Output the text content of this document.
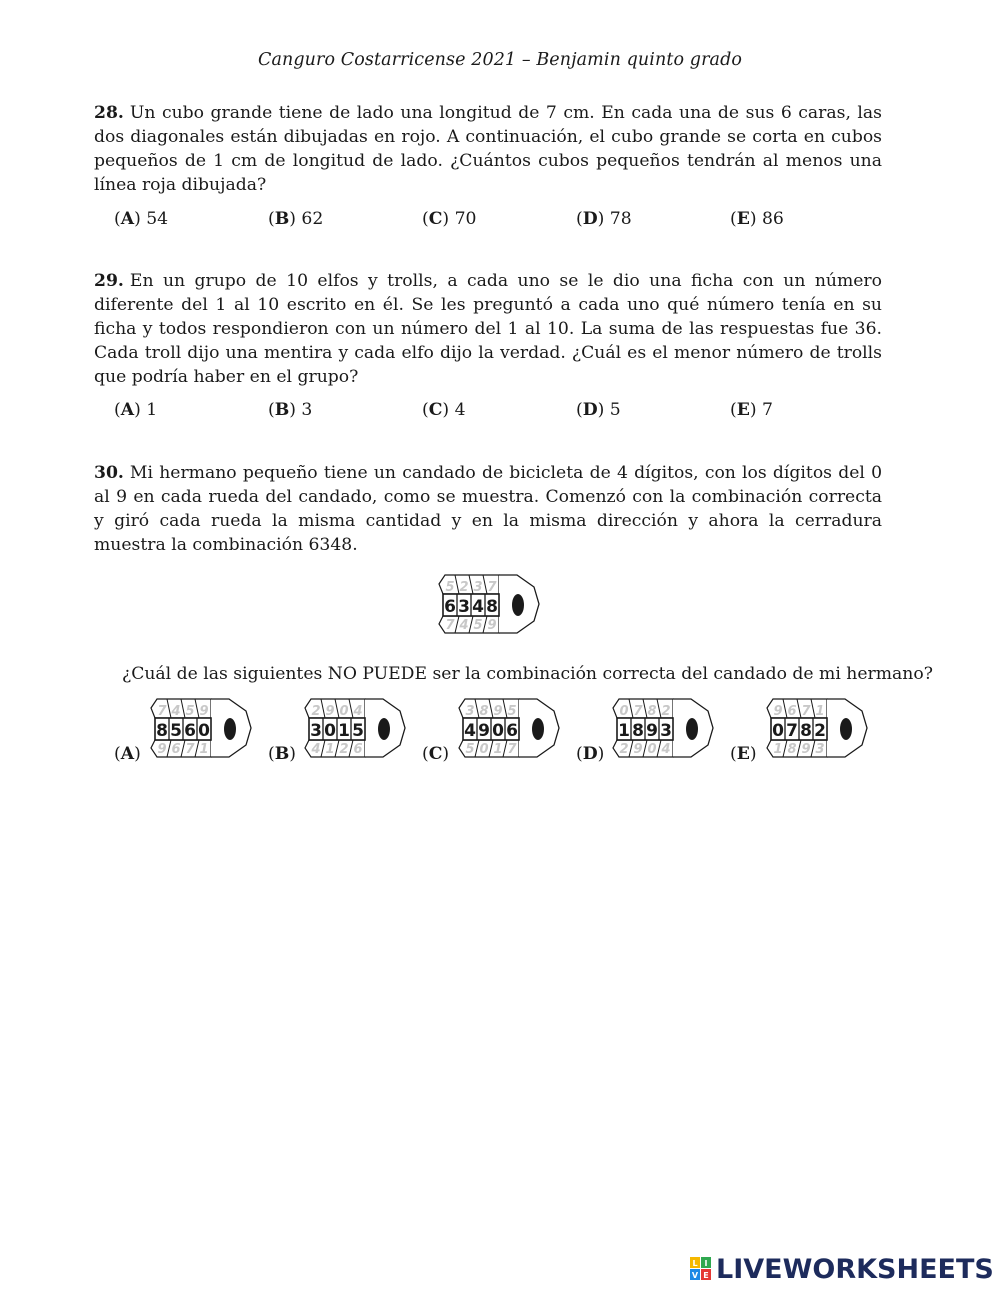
Canguro Costarricense 2021 – Benjamin quinto grado
28. Un cubo grande tiene de lado una longitud de 7 cm. En cada una de sus 6 caras, las dos diagonales están dibujadas en rojo. A continuación, el cubo grande se corta en cubos pequeños de 1 cm de longitud de lado. ¿Cuántos cubos pequeños tendrán al menos una línea roja dibujada?
(A) 54	(B) 62	(C) 70	(D) 78	(E) 86
29. En un grupo de 10 elfos y trolls, a cada uno se le dio una ficha con un número diferente del 1 al 10 escrito en él. Se les preguntó a cada uno qué número tenía en su ficha y todos respondieron con un número del 1 al 10. La suma de las respuestas fue 36. Cada troll dijo una mentira y cada elfo dijo la verdad. ¿Cuál es el menor número de trolls que podría haber en el grupo?
(A) 1	(B) 3	(C) 4	(D) 5	(E) 7
30. Mi hermano pequeño tiene un candado de bicicleta de 4 dígitos, con los dígitos del 0 al 9 en cada rueda del candado, como se muestra. Comenzó con la combinación correcta y giró cada rueda la misma cantidad y en la misma dirección y ahora la cerradura muestra la combinación 6348.
6
5
7
3
2
4
4
3
5
8
7
9
¿Cuál de las siguientes NO PUEDE ser la combinación correcta del candado de mi hermano?
(A)
8
7
9
5
4
6
6
5
7
0
9
1	(B)
3
2
4
0
9
1
1
0
2
5
4
6	(C)
4
3
5
9
8
0
0
9
1
6
5
7	(D)
1
0
2
8
7
9
9
8
0
3
2
4	(E)
0
9
1
7
6
8
8
7
9
2
1
3
L I
V E LIVEWORKSHEETS
